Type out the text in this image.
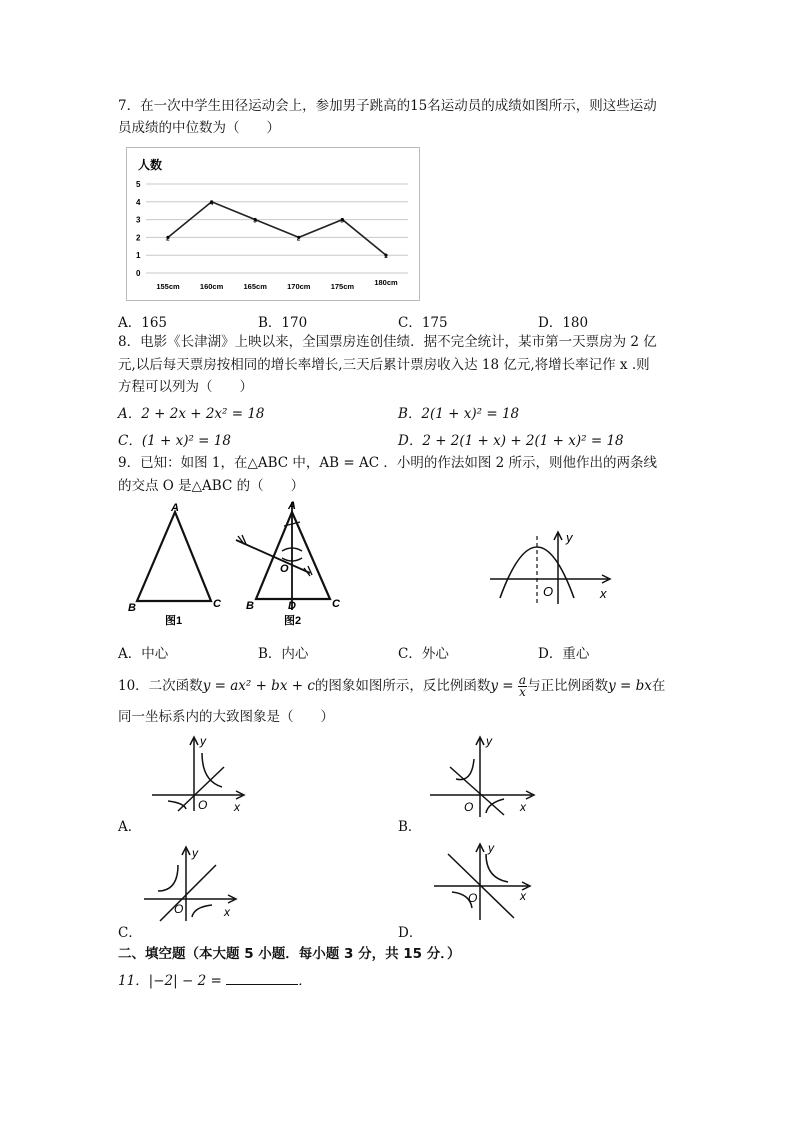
7．在一次中学生田径运动会上，参加男子跳高的15名运动员的成绩如图所示，则这些运动
员成绩的中位数为（　　）
人数
0
1
2
3
4
5
155cm	160cm	165cm	170cm	175cm	180cm
2
4
3
2
3
1
A．165	B．170	C．175	D．180
8．电影《长津湖》上映以来，全国票房连创佳绩．据不完全统计，某市第一天票房为 2 亿
元,以后每天票房按相同的增长率增长,三天后累计票房收入达 18 亿元,将增长率记作 x .则
方程可以列为（　　）
A．2 + 2x + 2x² = 18	B．2(1 + x)² = 18
C．(1 + x)² = 18	D．2 + 2(1 + x) + 2(1 + x)² = 18
9．已知：如图 1，在△ABC 中，AB = AC ．小明的作法如图 2 所示，则他作出的两条线
的交点 O 是△ABC 的（　　）
A
B	C
图1
A
B	D	C
O
图2
y
x
O
A．中心	B．内心	C．外心	D．重心
10．二次函数y = ax² + bx + c的图象如图所示，反比例函数$y = \frac{a}{x}$ 与正比例函数y = bx在
同一坐标系内的大致图象是（　　）
y
x
O
A．
y
x
O
B．
y
x
O
C．
y
x
O
D．
二、填空题（本大题 5 小题．每小题 3 分，共 15 分．）
11．|−2| − 2 =	．
